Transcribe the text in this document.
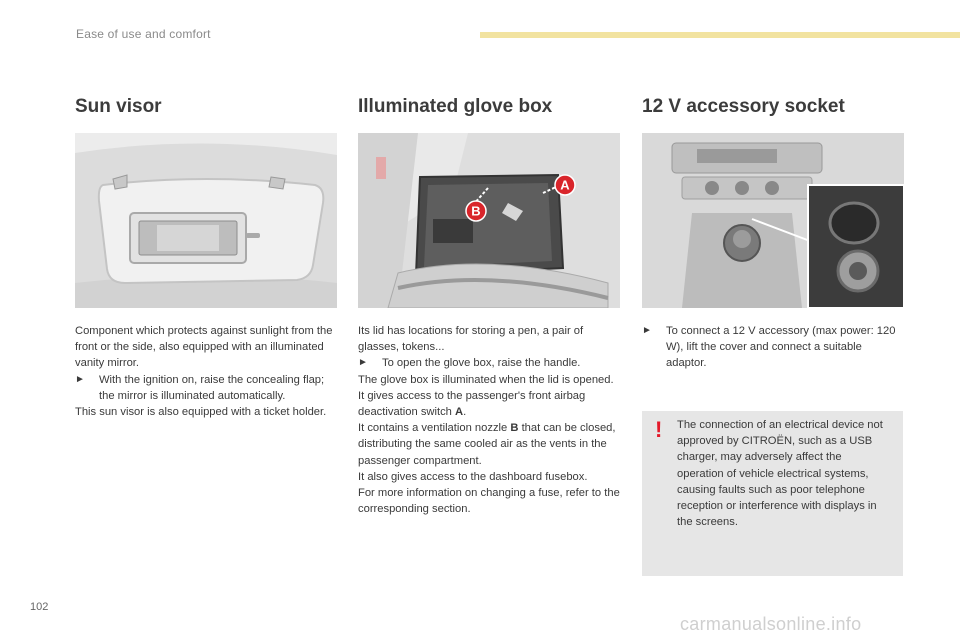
Ease of use and comfort
Sun visor

Component which protects against sunlight from the front or the side, also equipped with an illuminated vanity mirror.

► With the ignition on, raise the concealing flap; the mirror is illuminated automatically.

This sun visor is also equipped with a ticket holder.

Illuminated glove box
B
A

Its lid has locations for storing a pen, a pair of glasses, tokens...

► To open the glove box, raise the handle.

The glove box is illuminated when the lid is opened.

It gives access to the passenger's front airbag deactivation switch A.

It contains a ventilation nozzle B that can be closed, distributing the same cooled air as the vents in the passenger compartment.

It also gives access to the dashboard fusebox.

For more information on changing a fuse, refer to the corresponding section.

12 V accessory socket

► To connect a 12 V accessory (max power: 120 W), lift the cover and connect a suitable adaptor.

! The connection of an electrical device not approved by CITROËN, such as a USB charger, may adversely affect the operation of vehicle electrical systems, causing faults such as poor telephone reception or interference with displays in the screens.
102
carmanualsonline.info
